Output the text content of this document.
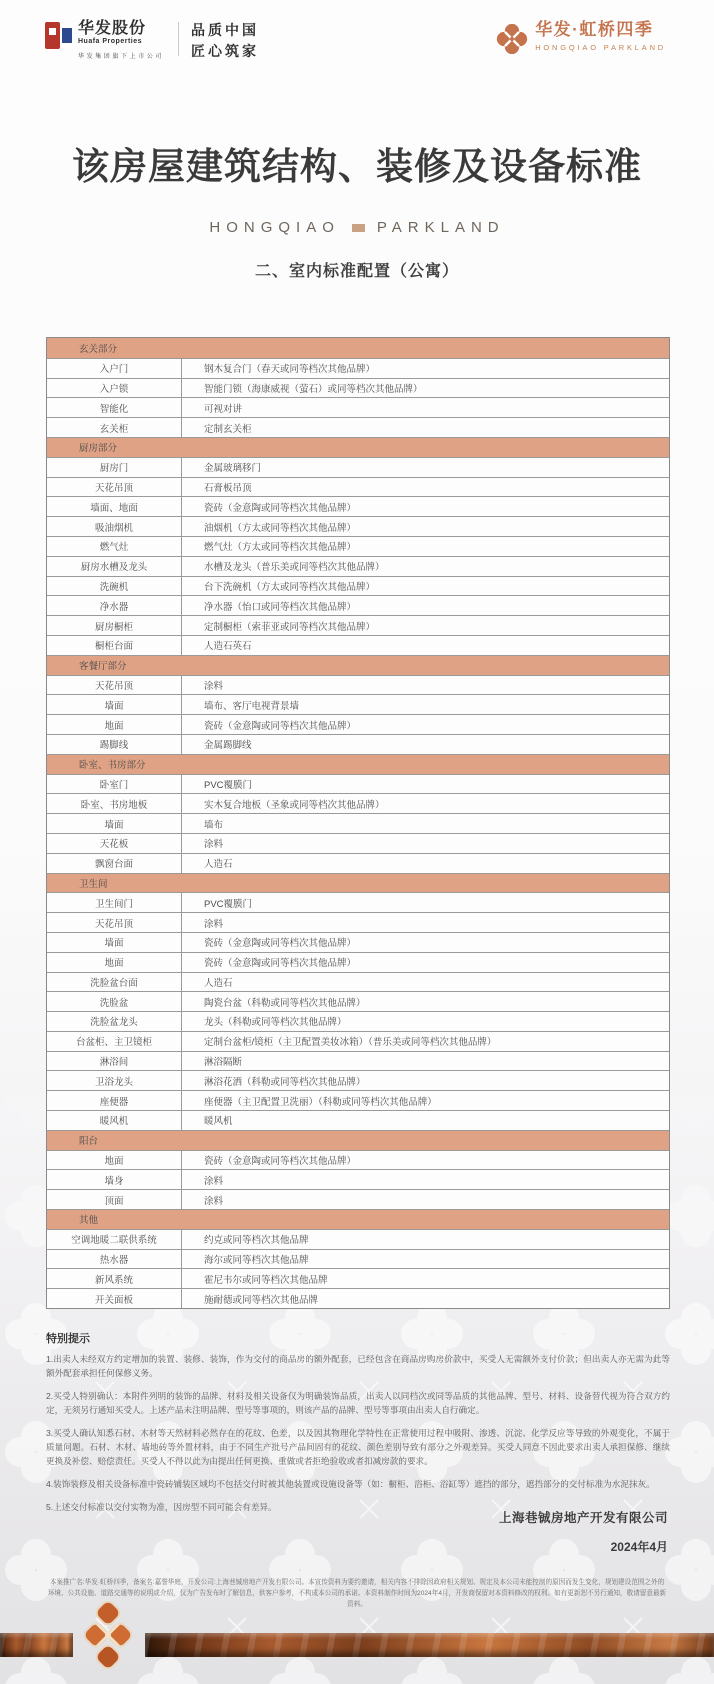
华发股份
Huafa Properties
华发集团旗下上市公司
品质中国
匠心筑家
华发·虹桥四季
HONGQIAO PARKLAND
该房屋建筑结构、装修及设备标准
HONGQIAO PARKLAND
二、室内标准配置（公寓）
玄关部分
入户门	钢木复合门（春天或同等档次其他品牌）
入户锁	智能门锁（海康威视（萤石）或同等档次其他品牌）
智能化	可视对讲
玄关柜	定制玄关柜
厨房部分
厨房门	金属玻璃移门
天花吊顶	石膏板吊顶
墙面、地面	瓷砖（金意陶或同等档次其他品牌）
吸油烟机	油烟机（方太或同等档次其他品牌）
燃气灶	燃气灶（方太或同等档次其他品牌）
厨房水槽及龙头	水槽及龙头（普乐美或同等档次其他品牌）
洗碗机	台下洗碗机（方太或同等档次其他品牌）
净水器	净水器（怡口或同等档次其他品牌）
厨房橱柜	定制橱柜（索菲亚或同等档次其他品牌）
橱柜台面	人造石英石
客餐厅部分
天花吊顶	涂料
墙面	墙布、客厅电视背景墙
地面	瓷砖（金意陶或同等档次其他品牌）
踢脚线	金属踢脚线
卧室、书房部分
卧室门	PVC覆膜门
卧室、书房地板	实木复合地板（圣象或同等档次其他品牌）
墙面	墙布
天花板	涂料
飘窗台面	人造石
卫生间
卫生间门	PVC覆膜门
天花吊顶	涂料
墙面	瓷砖（金意陶或同等档次其他品牌）
地面	瓷砖（金意陶或同等档次其他品牌）
洗脸盆台面	人造石
洗脸盆	陶瓷台盆（科勒或同等档次其他品牌）
洗脸盆龙头	龙头（科勒或同等档次其他品牌）
台盆柜、主卫镜柜	定制台盆柜/镜柜（主卫配置美妆冰箱）（普乐美或同等档次其他品牌）
淋浴间	淋浴隔断
卫浴龙头	淋浴花洒（科勒或同等档次其他品牌）
座便器	座便器（主卫配置卫洗丽）（科勒或同等档次其他品牌）
暖风机	暖风机
阳台
地面	瓷砖（金意陶或同等档次其他品牌）
墙身	涂料
顶面	涂料
其他
空调地暖二联供系统	约克或同等档次其他品牌
热水器	海尔或同等档次其他品牌
新风系统	霍尼韦尔或同等档次其他品牌
开关面板	施耐德或同等档次其他品牌
特别提示

1.出卖人未经双方约定增加的装置、装修、装饰，作为交付的商品房的额外配套，已经包含在商品房购房价款中，买受人无需额外支付价款；但出卖人亦无需为此等额外配套承担任何保修义务。

2.买受人特别确认：本附件列明的装饰的品牌、材料及相关设备仅为明确装饰品质，出卖人以同档次或同等品质的其他品牌、型号、材料、设备替代视为符合双方约定，无须另行通知买受人。上述产品未注明品牌、型号等事项的，则该产品的品牌、型号等事项由出卖人自行确定。

3.买受人确认知悉石材、木材等天然材料必然存在的花纹、色差，以及因其物理化学特性在正常使用过程中吸附、渗透、沉淀、化学反应等导致的外观变化，不属于质量问题。石材、木材、墙地砖等外置材料，由于不同生产批号产品间固有的花纹、颜色差别导致有部分之外观差异。买受人同意不因此要求出卖人承担保修、继续更换及补偿、赔偿责任。买受人不得以此为由提出任何更换、重做或者拒绝验收或者扣减房款的要求。

4.装饰装修及相关设备标准中瓷砖铺装区域均不包括交付时被其他装置或设施设备等（如：橱柜、浴柜、浴缸等）遮挡的部分，遮挡部分的交付标准为水泥抹灰。

5.上述交付标准以交付实物为准，因房型不同可能会有差异。

上海巷铖房地产开发有限公司
2024年4月
本案推广名:华发·虹桥四季，备案名:嘉誉华庭，开发公司:上海巷铖房地产开发有限公司。本宣传资料为要约邀请，相关内容不排除因政府相关规划、规定及本公司未能控制的原因而发生变化，规划建设范围之外的环境、公共设施、道路交通等的说明或介绍，仅为广告发布时了解信息，供客户参考，不构成本公司的承诺。本资料制作时间为2024年4月，开发商保留对本资料修改的权利。如有更新恕不另行通知，敬请留意最新资料。
